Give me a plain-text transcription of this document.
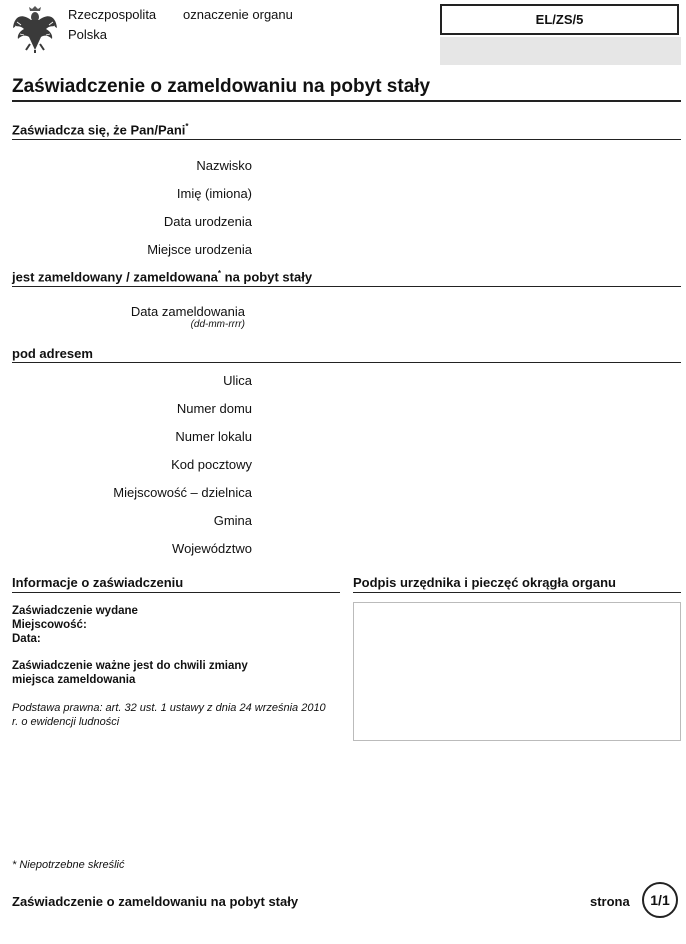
Rzeczpospolita
Polska
oznaczenie organu	EL/ZS/5
Zaświadczenie o zameldowaniu na pobyt stały
Zaświadcza się, że Pan/Pani*
Nazwisko
Imię (imiona)
Data urodzenia
Miejsce urodzenia
jest zameldowany / zameldowana* na pobyt stały
Data zameldowania
(dd-mm-rrrr)
pod adresem
Ulica
Numer domu
Numer lokalu
Kod pocztowy
Miejscowość – dzielnica
Gmina
Województwo
Informacje o zaświadczeniu	Podpis urzędnika i pieczęć okrągła organu
Zaświadczenie wydane
Miejscowość:
Data:
Zaświadczenie ważne jest do chwili zmiany
miejsca zameldowania
Podstawa prawna: art. 32 ust. 1 ustawy z dnia 24 września 2010 r. o ewidencji ludności
* Niepotrzebne skreślić
Zaświadczenie o zameldowaniu na pobyt stały	strona 1/1
